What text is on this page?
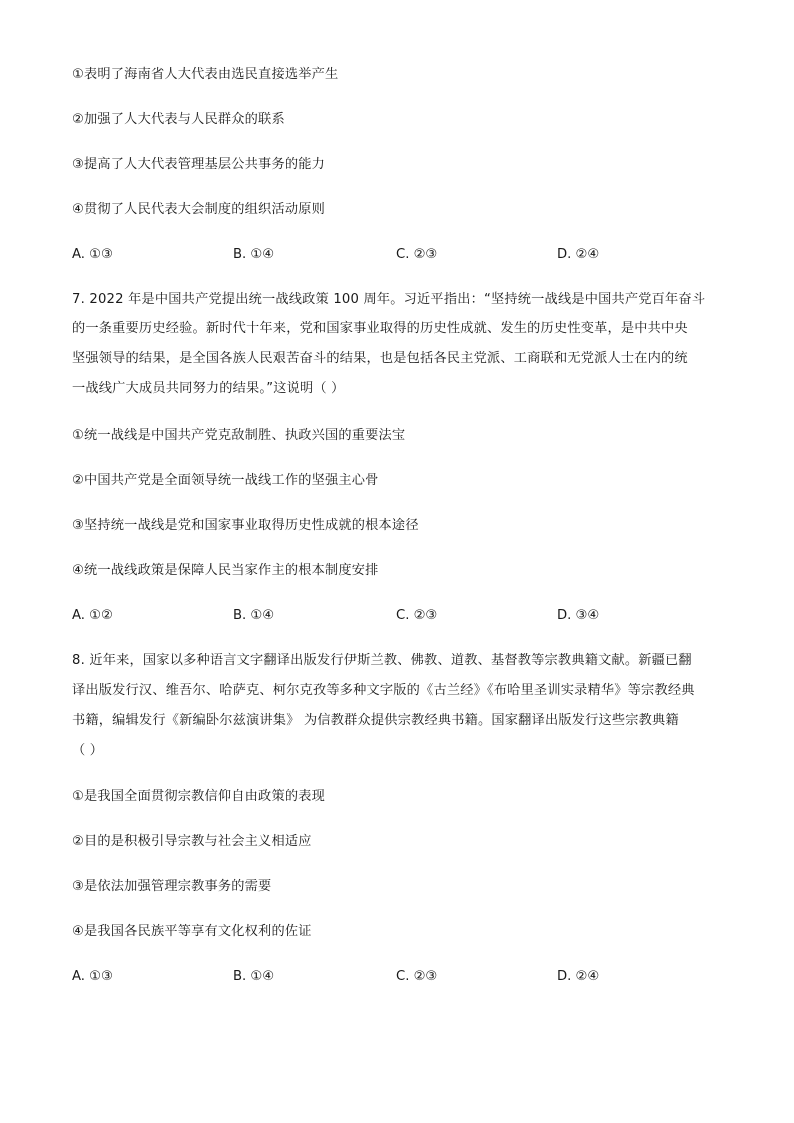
①表明了海南省人大代表由选民直接选举产生
②加强了人大代表与人民群众的联系
③提高了人大代表管理基层公共事务的能力
④贯彻了人民代表大会制度的组织活动原则
A. ①③	B. ①④	C. ②③	D. ②④
7. 2022 年是中国共产党提出统一战线政策 100 周年。习近平指出：“坚持统一战线是中国共产党百年奋斗
的一条重要历史经验。新时代十年来，党和国家事业取得的历史性成就、发生的历史性变革，是中共中央
坚强领导的结果，是全国各族人民艰苦奋斗的结果，也是包括各民主党派、工商联和无党派人士在内的统
一战线广大成员共同努力的结果。”这说明（ ）
①统一战线是中国共产党克敌制胜、执政兴国的重要法宝
②中国共产党是全面领导统一战线工作的坚强主心骨
③坚持统一战线是党和国家事业取得历史性成就的根本途径
④统一战线政策是保障人民当家作主的根本制度安排
A. ①②	B. ①④	C. ②③	D. ③④
8. 近年来，国家以多种语言文字翻译出版发行伊斯兰教、佛教、道教、基督教等宗教典籍文献。新疆已翻
译出版发行汉、维吾尔、哈萨克、柯尔克孜等多种文字版的《古兰经》《布哈里圣训实录精华》等宗教经典
书籍，编辑发行《新编卧尔兹演讲集》 为信教群众提供宗教经典书籍。国家翻译出版发行这些宗教典籍
（ ）
①是我国全面贯彻宗教信仰自由政策的表现
②目的是积极引导宗教与社会主义相适应
③是依法加强管理宗教事务的需要
④是我国各民族平等享有文化权利的佐证
A. ①③	B. ①④	C. ②③	D. ②④
